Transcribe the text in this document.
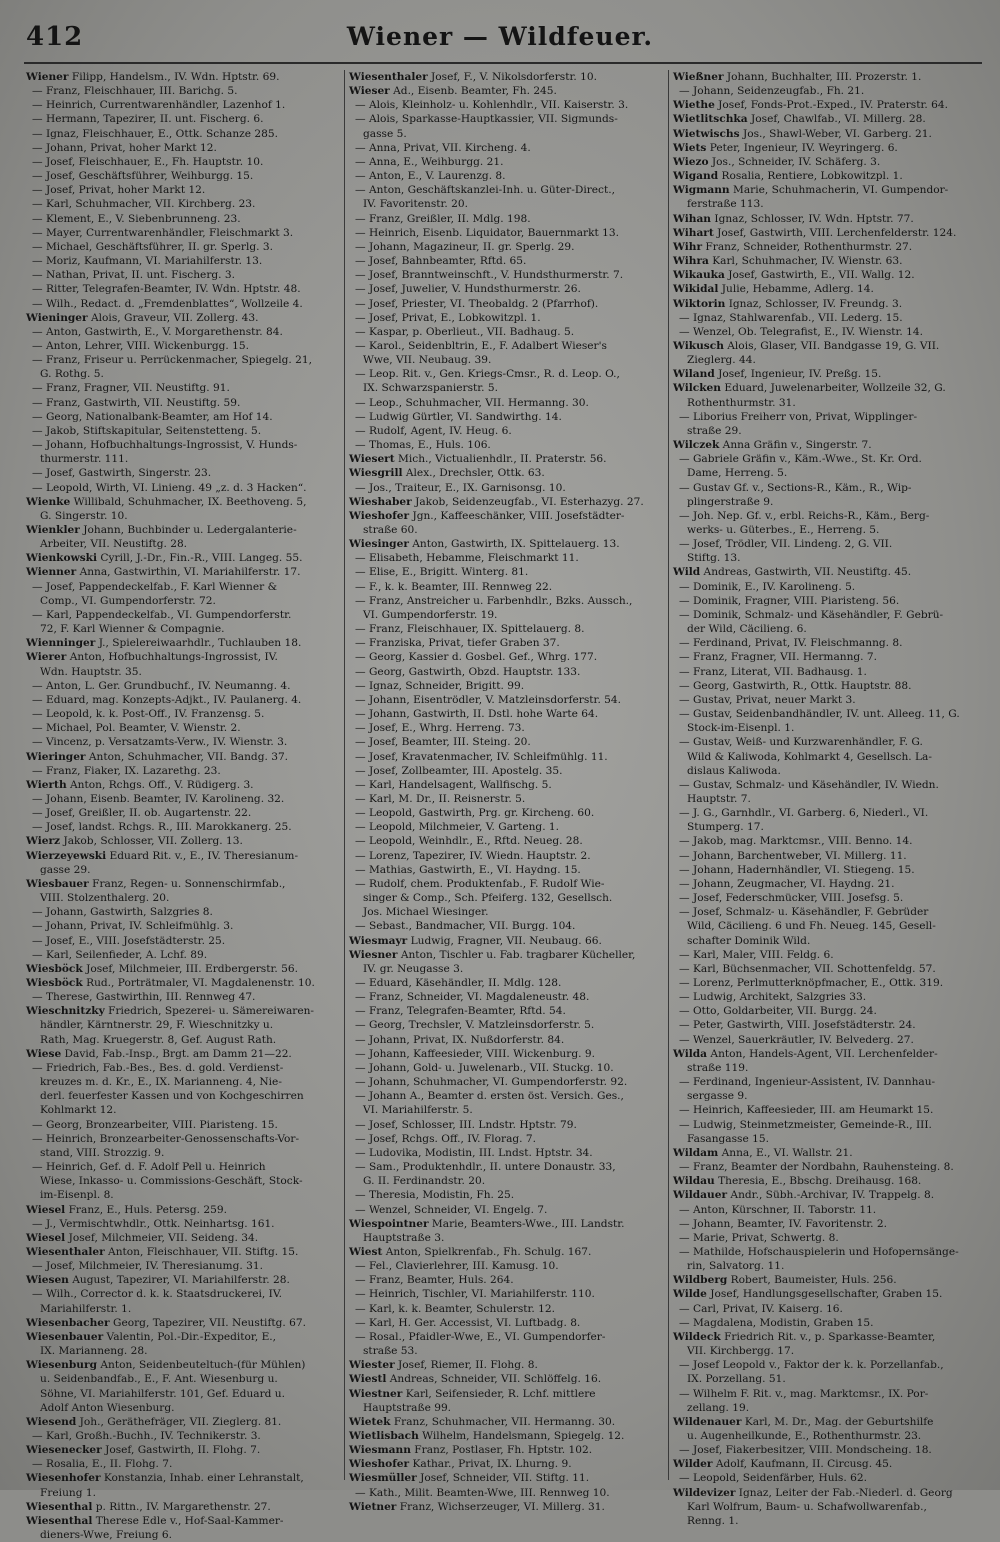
412	Wiener — Wildfeuer.
Wiener Filipp, Handelsm., IV. Wdn. Hptstr. 69.
— Franz, Fleischhauer, III. Barichg. 5.
— Heinrich, Currentwarenhändler, Lazenhof 1.
— Hermann, Tapezirer, II. unt. Fischerg. 6.
— Ignaz, Fleischhauer, E., Ottk. Schanze 285.
— Johann, Privat, hoher Markt 12.
— Josef, Fleischhauer, E., Fh. Hauptstr. 10.
— Josef, Geschäftsführer, Weihburgg. 15.
— Josef, Privat, hoher Markt 12.
— Karl, Schuhmacher, VII. Kirchberg. 23.
— Klement, E., V. Siebenbrunneng. 23.
— Mayer, Currentwarenhändler, Fleischmarkt 3.
— Michael, Geschäftsführer, II. gr. Sperlg. 3.
— Moriz, Kaufmann, VI. Mariahilferstr. 13.
— Nathan, Privat, II. unt. Fischerg. 3.
— Ritter, Telegrafen-Beamter, IV. Wdn. Hptstr. 48.
— Wilh., Redact. d. „Fremdenblattes“, Wollzeile 4.
Wieninger Alois, Graveur, VII. Zollerg. 43.
— Anton, Gastwirth, E., V. Morgarethenstr. 84.
— Anton, Lehrer, VIII. Wickenburgg. 15.
— Franz, Friseur u. Perrückenmacher, Spiegelg. 21,
G. Rothg. 5.
— Franz, Fragner, VII. Neustiftg. 91.
— Franz, Gastwirth, VII. Neustiftg. 59.
— Georg, Nationalbank-Beamter, am Hof 14.
— Jakob, Stiftskapitular, Seitenstetteng. 5.
— Johann, Hofbuchhaltungs-Ingrossist, V. Hunds-
thurmerstr. 111.
— Josef, Gastwirth, Singerstr. 23.
— Leopold, Wirth, VI. Linieng. 49 „z. d. 3 Hacken“.
Wienke Willibald, Schuhmacher, IX. Beethoveng. 5,
G. Singerstr. 10.
Wienkler Johann, Buchbinder u. Ledergalanterie-
Arbeiter, VII. Neustiftg. 28.
Wienkowski Cyrill, J.-Dr., Fin.-R., VIII. Langeg. 55.
Wienner Anna, Gastwirthin, VI. Mariahilferstr. 17.
— Josef, Pappendeckelfab., F. Karl Wienner &
Comp., VI. Gumpendorferstr. 72.
— Karl, Pappendeckelfab., VI. Gumpendorferstr.
72, F. Karl Wienner & Compagnie.
Wienninger J., Spielereiwaarhdlr., Tuchlauben 18.
Wierer Anton, Hofbuchhaltungs-Ingrossist, IV.
Wdn. Hauptstr. 35.
— Anton, L. Ger. Grundbuchf., IV. Neumanng. 4.
— Eduard, mag. Konzepts-Adjkt., IV. Paulanerg. 4.
— Leopold, k. k. Post-Off., IV. Franzensg. 5.
— Michael, Pol. Beamter, V. Wienstr. 2.
— Vincenz, p. Versatzamts-Verw., IV. Wienstr. 3.
Wieringer Anton, Schuhmacher, VII. Bandg. 37.
— Franz, Fiaker, IX. Lazarethg. 23.
Wierth Anton, Rchgs. Off., V. Rüdigerg. 3.
— Johann, Eisenb. Beamter, IV. Karolineng. 32.
— Josef, Greißler, II. ob. Augartenstr. 22.
— Josef, landst. Rchgs. R., III. Marokkanerg. 25.
Wierz Jakob, Schlosser, VII. Zollerg. 13.
Wierzeyewski Eduard Rit. v., E., IV. Theresianum-
gasse 29.
Wiesbauer Franz, Regen- u. Sonnenschirmfab.,
VIII. Stolzenthalerg. 20.
— Johann, Gastwirth, Salzgries 8.
— Johann, Privat, IV. Schleifmühlg. 3.
— Josef, E., VIII. Josefstädterstr. 25.
— Karl, Seilenfieder, A. Lchf. 89.
Wiesböck Josef, Milchmeier, III. Erdbergerstr. 56.
Wiesböck Rud., Porträtmaler, VI. Magdalenenstr. 10.
— Therese, Gastwirthin, III. Rennweg 47.
Wieschnitzky Friedrich, Spezerei- u. Sämereiwaren-
händler, Kärntnerstr. 29, F. Wieschnitzky u.
Rath, Mag. Kruegerstr. 8, Gef. August Rath.
Wiese David, Fab.-Insp., Brgt. am Damm 21—22.
— Friedrich, Fab.-Bes., Bes. d. gold. Verdienst-
kreuzes m. d. Kr., E., IX. Marianneng. 4, Nie-
derl. feuerfester Kassen und von Kochgeschirren
Kohlmarkt 12.
— Georg, Bronzearbeiter, VIII. Piaristeng. 15.
— Heinrich, Bronzearbeiter-Genossenschafts-Vor-
stand, VIII. Strozzig. 9.
— Heinrich, Gef. d. F. Adolf Pell u. Heinrich
Wiese, Inkasso- u. Commissions-Geschäft, Stock-
im-Eisenpl. 8.
Wiesel Franz, E., Huls. Petersg. 259.
— J., Vermischtwhdlr., Ottk. Neinhartsg. 161.
Wiesel Josef, Milchmeier, VII. Seideng. 34.
Wiesenthaler Anton, Fleischhauer, VII. Stiftg. 15.
— Josef, Milchmeier, IV. Theresianumg. 31.
Wiesen August, Tapezirer, VI. Mariahilferstr. 28.
— Wilh., Corrector d. k. k. Staatsdruckerei, IV.
Mariahilferstr. 1.
Wiesenbacher Georg, Tapezirer, VII. Neustiftg. 67.
Wiesenbauer Valentin, Pol.-Dir.-Expeditor, E.,
IX. Marianneng. 28.
Wiesenburg Anton, Seidenbeuteltuch-(für Mühlen)
u. Seidenbandfab., E., F. Ant. Wiesenburg u.
Söhne, VI. Mariahilferstr. 101, Gef. Eduard u.
Adolf Anton Wiesenburg.
Wiesend Joh., Geräthefräger, VII. Zieglerg. 81.
— Karl, Großh.-Buchh., IV. Technikerstr. 3.
Wiesenecker Josef, Gastwirth, II. Flohg. 7.
— Rosalia, E., II. Flohg. 7.
Wiesenhofer Konstanzia, Inhab. einer Lehranstalt,
Freiung 1.
Wiesenthal p. Rittn., IV. Margarethenstr. 27.
Wiesenthal Therese Edle v., Hof-Saal-Kammer-
dieners-Wwe, Freiung 6.
Wiesenthaler Josef, F., V. Nikolsdorferstr. 10.
Wieser Ad., Eisenb. Beamter, Fh. 245.
— Alois, Kleinholz- u. Kohlenhdlr., VII. Kaiserstr. 3.
— Alois, Sparkasse-Hauptkassier, VII. Sigmunds-
gasse 5.
— Anna, Privat, VII. Kircheng. 4.
— Anna, E., Weihburgg. 21.
— Anton, E., V. Laurenzg. 8.
— Anton, Geschäftskanzlei-Inh. u. Güter-Direct.,
IV. Favoritenstr. 20.
— Franz, Greißler, II. Mdlg. 198.
— Heinrich, Eisenb. Liquidator, Bauernmarkt 13.
— Johann, Magazineur, II. gr. Sperlg. 29.
— Josef, Bahnbeamter, Rftd. 65.
— Josef, Branntweinschft., V. Hundsthurmerstr. 7.
— Josef, Juwelier, V. Hundsthurmerstr. 26.
— Josef, Priester, VI. Theobaldg. 2 (Pfarrhof).
— Josef, Privat, E., Lobkowitzpl. 1.
— Kaspar, p. Oberlieut., VII. Badhaug. 5.
— Karol., Seidenbltrin, E., F. Adalbert Wieser's
Wwe, VII. Neubaug. 39.
— Leop. Rit. v., Gen. Kriegs-Cmsr., R. d. Leop. O.,
IX. Schwarzspanierstr. 5.
— Leop., Schuhmacher, VII. Hermanng. 30.
— Ludwig Gürtler, VI. Sandwirthg. 14.
— Rudolf, Agent, IV. Heug. 6.
— Thomas, E., Huls. 106.
Wiesert Mich., Victualienhdlr., II. Praterstr. 56.
Wiesgrill Alex., Drechsler, Ottk. 63.
— Jos., Traiteur, E., IX. Garnisonsg. 10.
Wieshaber Jakob, Seidenzeugfab., VI. Esterhazyg. 27.
Wieshofer Jgn., Kaffeeschänker, VIII. Josefstädter-
straße 60.
Wiesinger Anton, Gastwirth, IX. Spittelauerg. 13.
— Elisabeth, Hebamme, Fleischmarkt 11.
— Elise, E., Brigitt. Winterg. 81.
— F., k. k. Beamter, III. Rennweg 22.
— Franz, Anstreicher u. Farbenhdlr., Bzks. Aussch.,
VI. Gumpendorferstr. 19.
— Franz, Fleischhauer, IX. Spittelauerg. 8.
— Franziska, Privat, tiefer Graben 37.
— Georg, Kassier d. Gosbel. Gef., Whrg. 177.
— Georg, Gastwirth, Obzd. Hauptstr. 133.
— Ignaz, Schneider, Brigitt. 99.
— Johann, Eisentrödler, V. Matzleinsdorferstr. 54.
— Johann, Gastwirth, II. Dstl. hohe Warte 64.
— Josef, E., Whrg. Herreng. 73.
— Josef, Beamter, III. Steing. 20.
— Josef, Kravatenmacher, IV. Schleifmühlg. 11.
— Josef, Zollbeamter, III. Apostelg. 35.
— Karl, Handelsagent, Wallfischg. 5.
— Karl, M. Dr., II. Reisnerstr. 5.
— Leopold, Gastwirth, Prg. gr. Kircheng. 60.
— Leopold, Milchmeier, V. Garteng. 1.
— Leopold, Weinhdlr., E., Rftd. Neueg. 28.
— Lorenz, Tapezirer, IV. Wiedn. Hauptstr. 2.
— Mathias, Gastwirth, E., VI. Haydng. 15.
— Rudolf, chem. Produktenfab., F. Rudolf Wie-
singer & Comp., Sch. Pfeiferg. 132, Gesellsch.
Jos. Michael Wiesinger.
— Sebast., Bandmacher, VII. Burgg. 104.
Wiesmayr Ludwig, Fragner, VII. Neubaug. 66.
Wiesner Anton, Tischler u. Fab. tragbarer Kücheller,
IV. gr. Neugasse 3.
— Eduard, Käsehändler, II. Mdlg. 128.
— Franz, Schneider, VI. Magdaleneustr. 48.
— Franz, Telegrafen-Beamter, Rftd. 54.
— Georg, Trechsler, V. Matzleinsdorferstr. 5.
— Johann, Privat, IX. Nußdorferstr. 84.
— Johann, Kaffeesieder, VIII. Wickenburg. 9.
— Johann, Gold- u. Juwelenarb., VII. Stuckg. 10.
— Johann, Schuhmacher, VI. Gumpendorferstr. 92.
— Johann A., Beamter d. ersten öst. Versich. Ges.,
VI. Mariahilferstr. 5.
— Josef, Schlosser, III. Lndstr. Hptstr. 79.
— Josef, Rchgs. Off., IV. Florag. 7.
— Ludovika, Modistin, III. Lndst. Hptstr. 34.
— Sam., Produktenhdlr., II. untere Donaustr. 33,
G. II. Ferdinandstr. 20.
— Theresia, Modistin, Fh. 25.
— Wenzel, Schneider, VI. Engelg. 7.
Wiespointner Marie, Beamters-Wwe., III. Landstr.
Hauptstraße 3.
Wiest Anton, Spielkrenfab., Fh. Schulg. 167.
— Fel., Clavierlehrer, III. Kamusg. 10.
— Franz, Beamter, Huls. 264.
— Heinrich, Tischler, VI. Mariahilferstr. 110.
— Karl, k. k. Beamter, Schulerstr. 12.
— Karl, H. Ger. Accessist, VI. Luftbadg. 8.
— Rosal., Pfaidler-Wwe, E., VI. Gumpendorfer-
straße 53.
Wiester Josef, Riemer, II. Flohg. 8.
Wiestl Andreas, Schneider, VII. Schlöffelg. 16.
Wiestner Karl, Seifensieder, R. Lchf. mittlere
Hauptstraße 99.
Wietek Franz, Schuhmacher, VII. Hermanng. 30.
Wietlisbach Wilhelm, Handelsmann, Spiegelg. 12.
Wiesmann Franz, Postlaser, Fh. Hptstr. 102.
Wieshofer Kathar., Privat, IX. Lhurng. 9.
Wiesmüller Josef, Schneider, VII. Stiftg. 11.
— Kath., Milit. Beamten-Wwe, III. Rennweg 10.
Wietner Franz, Wichserzeuger, VI. Millerg. 31.
Wießner Johann, Buchhalter, III. Prozerstr. 1.
— Johann, Seidenzeugfab., Fh. 21.
Wiethe Josef, Fonds-Prot.-Exped., IV. Praterstr. 64.
Wietlitschka Josef, Chawlfab., VI. Millerg. 28.
Wietwischs Jos., Shawl-Weber, VI. Garberg. 21.
Wiets Peter, Ingenieur, IV. Weyringerg. 6.
Wiezo Jos., Schneider, IV. Schäferg. 3.
Wigand Rosalia, Rentiere, Lobkowitzpl. 1.
Wigmann Marie, Schuhmacherin, VI. Gumpendor-
ferstraße 113.
Wihan Ignaz, Schlosser, IV. Wdn. Hptstr. 77.
Wihart Josef, Gastwirth, VIII. Lerchenfelderstr. 124.
Wihr Franz, Schneider, Rothenthurmstr. 27.
Wihra Karl, Schuhmacher, IV. Wienstr. 63.
Wikauka Josef, Gastwirth, E., VII. Wallg. 12.
Wikidal Julie, Hebamme, Adlerg. 14.
Wiktorin Ignaz, Schlosser, IV. Freundg. 3.
— Ignaz, Stahlwarenfab., VII. Lederg. 15.
— Wenzel, Ob. Telegrafist, E., IV. Wienstr. 14.
Wikusch Alois, Glaser, VII. Bandgasse 19, G. VII.
Zieglerg. 44.
Wiland Josef, Ingenieur, IV. Preßg. 15.
Wilcken Eduard, Juwelenarbeiter, Wollzeile 32, G.
Rothenthurmstr. 31.
— Liborius Freiherr von, Privat, Wipplinger-
straße 29.
Wilczek Anna Gräfin v., Singerstr. 7.
— Gabriele Gräfin v., Käm.-Wwe., St. Kr. Ord.
Dame, Herreng. 5.
— Gustav Gf. v., Sections-R., Käm., R., Wip-
plingerstraße 9.
— Joh. Nep. Gf. v., erbl. Reichs-R., Käm., Berg-
werks- u. Güterbes., E., Herreng. 5.
— Josef, Trödler, VII. Lindeng. 2, G. VII.
Stiftg. 13.
Wild Andreas, Gastwirth, VII. Neustiftg. 45.
— Dominik, E., IV. Karolineng. 5.
— Dominik, Fragner, VIII. Piaristeng. 56.
— Dominik, Schmalz- und Käsehändler, F. Gebrü-
der Wild, Cäcilieng. 6.
— Ferdinand, Privat, IV. Fleischmanng. 8.
— Franz, Fragner, VII. Hermanng. 7.
— Franz, Literat, VII. Badhausg. 1.
— Georg, Gastwirth, R., Ottk. Hauptstr. 88.
— Gustav, Privat, neuer Markt 3.
— Gustav, Seidenbandhändler, IV. unt. Alleeg. 11, G.
Stock-im-Eisenpl. 1.
— Gustav, Weiß- und Kurzwarenhändler, F. G.
Wild & Kaliwoda, Kohlmarkt 4, Gesellsch. La-
dislaus Kaliwoda.
— Gustav, Schmalz- und Käsehändler, IV. Wiedn.
Hauptstr. 7.
— J. G., Garnhdlr., VI. Garberg. 6, Niederl., VI.
Stumperg. 17.
— Jakob, mag. Marktcmsr., VIII. Benno. 14.
— Johann, Barchentweber, VI. Millerg. 11.
— Johann, Hadernhändler, VI. Stiegeng. 15.
— Johann, Zeugmacher, VI. Haydng. 21.
— Josef, Federschmücker, VIII. Josefsg. 5.
— Josef, Schmalz- u. Käsehändler, F. Gebrüder
Wild, Cäcilieng. 6 und Fh. Neueg. 145, Gesell-
schafter Dominik Wild.
— Karl, Maler, VIII. Feldg. 6.
— Karl, Büchsenmacher, VII. Schottenfeldg. 57.
— Lorenz, Perlmutterknöpfmacher, E., Ottk. 319.
— Ludwig, Architekt, Salzgries 33.
— Otto, Goldarbeiter, VII. Burgg. 24.
— Peter, Gastwirth, VIII. Josefstädterstr. 24.
— Wenzel, Sauerkräutler, IV. Belvederg. 27.
Wilda Anton, Handels-Agent, VII. Lerchenfelder-
straße 119.
— Ferdinand, Ingenieur-Assistent, IV. Dannhau-
sergasse 9.
— Heinrich, Kaffeesieder, III. am Heumarkt 15.
— Ludwig, Steinmetzmeister, Gemeinde-R., III.
Fasangasse 15.
Wildam Anna, E., VI. Wallstr. 21.
— Franz, Beamter der Nordbahn, Rauhensteing. 8.
Wildau Theresia, E., Bbschg. Dreihausg. 168.
Wildauer Andr., Sübh.-Archivar, IV. Trappelg. 8.
— Anton, Kürschner, II. Taborstr. 11.
— Johann, Beamter, IV. Favoritenstr. 2.
— Marie, Privat, Schwertg. 8.
— Mathilde, Hofschauspielerin und Hofopernsänge-
rin, Salvatorg. 11.
Wildberg Robert, Baumeister, Huls. 256.
Wilde Josef, Handlungsgesellschafter, Graben 15.
— Carl, Privat, IV. Kaiserg. 16.
— Magdalena, Modistin, Graben 15.
Wildeck Friedrich Rit. v., p. Sparkasse-Beamter,
VII. Kirchbergg. 17.
— Josef Leopold v., Faktor der k. k. Porzellanfab.,
IX. Porzellang. 51.
— Wilhelm F. Rit. v., mag. Marktcmsr., IX. Por-
zellang. 19.
Wildenauer Karl, M. Dr., Mag. der Geburtshilfe
u. Augenheilkunde, E., Rothenthurmstr. 23.
— Josef, Fiakerbesitzer, VIII. Mondscheing. 18.
Wilder Adolf, Kaufmann, II. Circusg. 45.
— Leopold, Seidenfärber, Huls. 62.
Wildevizer Ignaz, Leiter der Fab.-Niederl. d. Georg
Karl Wolfrum, Baum- u. Schafwollwarenfab.,
Renng. 1.
